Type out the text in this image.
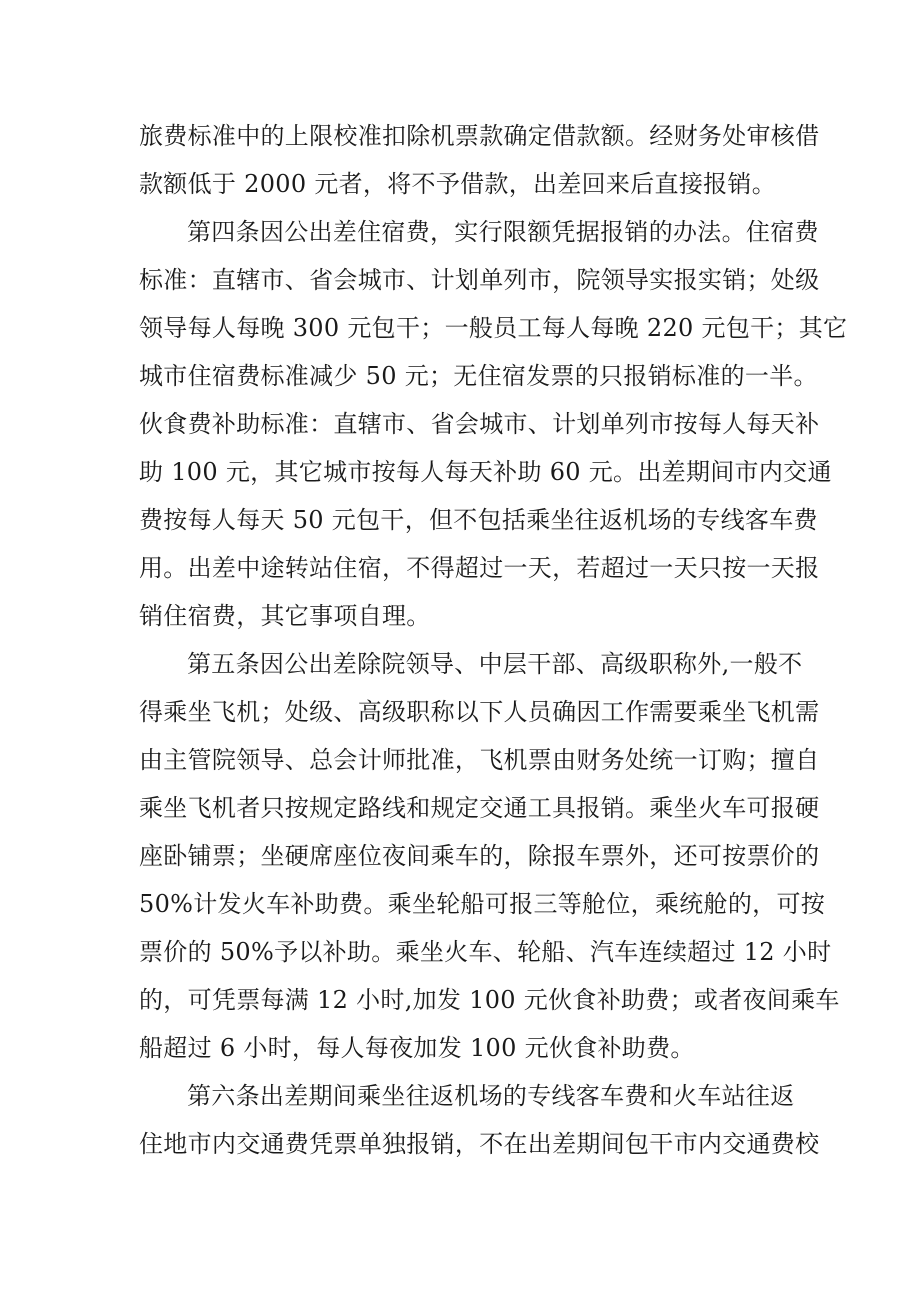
旅费标准中的上限校准扣除机票款确定借款额。经财务处审核借
款额低于 2000 元者，将不予借款，出差回来后直接报销。
第四条因公出差住宿费，实行限额凭据报销的办法。住宿费
标准：直辖市、省会城市、计划单列市，院领导实报实销；处级
领导每人每晚 300 元包干；一般员工每人每晚 220 元包干；其它
城市住宿费标准减少 50 元；无住宿发票的只报销标准的一半。
伙食费补助标准：直辖市、省会城市、计划单列市按每人每天补
助 100 元，其它城市按每人每天补助 60 元。出差期间市内交通
费按每人每天 50 元包干，但不包括乘坐往返机场的专线客车费
用。出差中途转站住宿，不得超过一天，若超过一天只按一天报
销住宿费，其它事项自理。
第五条因公出差除院领导、中层干部、高级职称外,一般不
得乘坐飞机；处级、高级职称以下人员确因工作需要乘坐飞机需
由主管院领导、总会计师批准，飞机票由财务处统一订购；擅自
乘坐飞机者只按规定路线和规定交通工具报销。乘坐火车可报硬
座卧铺票；坐硬席座位夜间乘车的，除报车票外，还可按票价的
50%计发火车补助费。乘坐轮船可报三等舱位，乘统舱的，可按
票价的 50%予以补助。乘坐火车、轮船、汽车连续超过 12 小时
的，可凭票每满 12 小时,加发 100 元伙食补助费；或者夜间乘车
船超过 6 小时，每人每夜加发 100 元伙食补助费。
第六条出差期间乘坐往返机场的专线客车费和火车站往返
住地市内交通费凭票单独报销，不在出差期间包干市内交通费校
